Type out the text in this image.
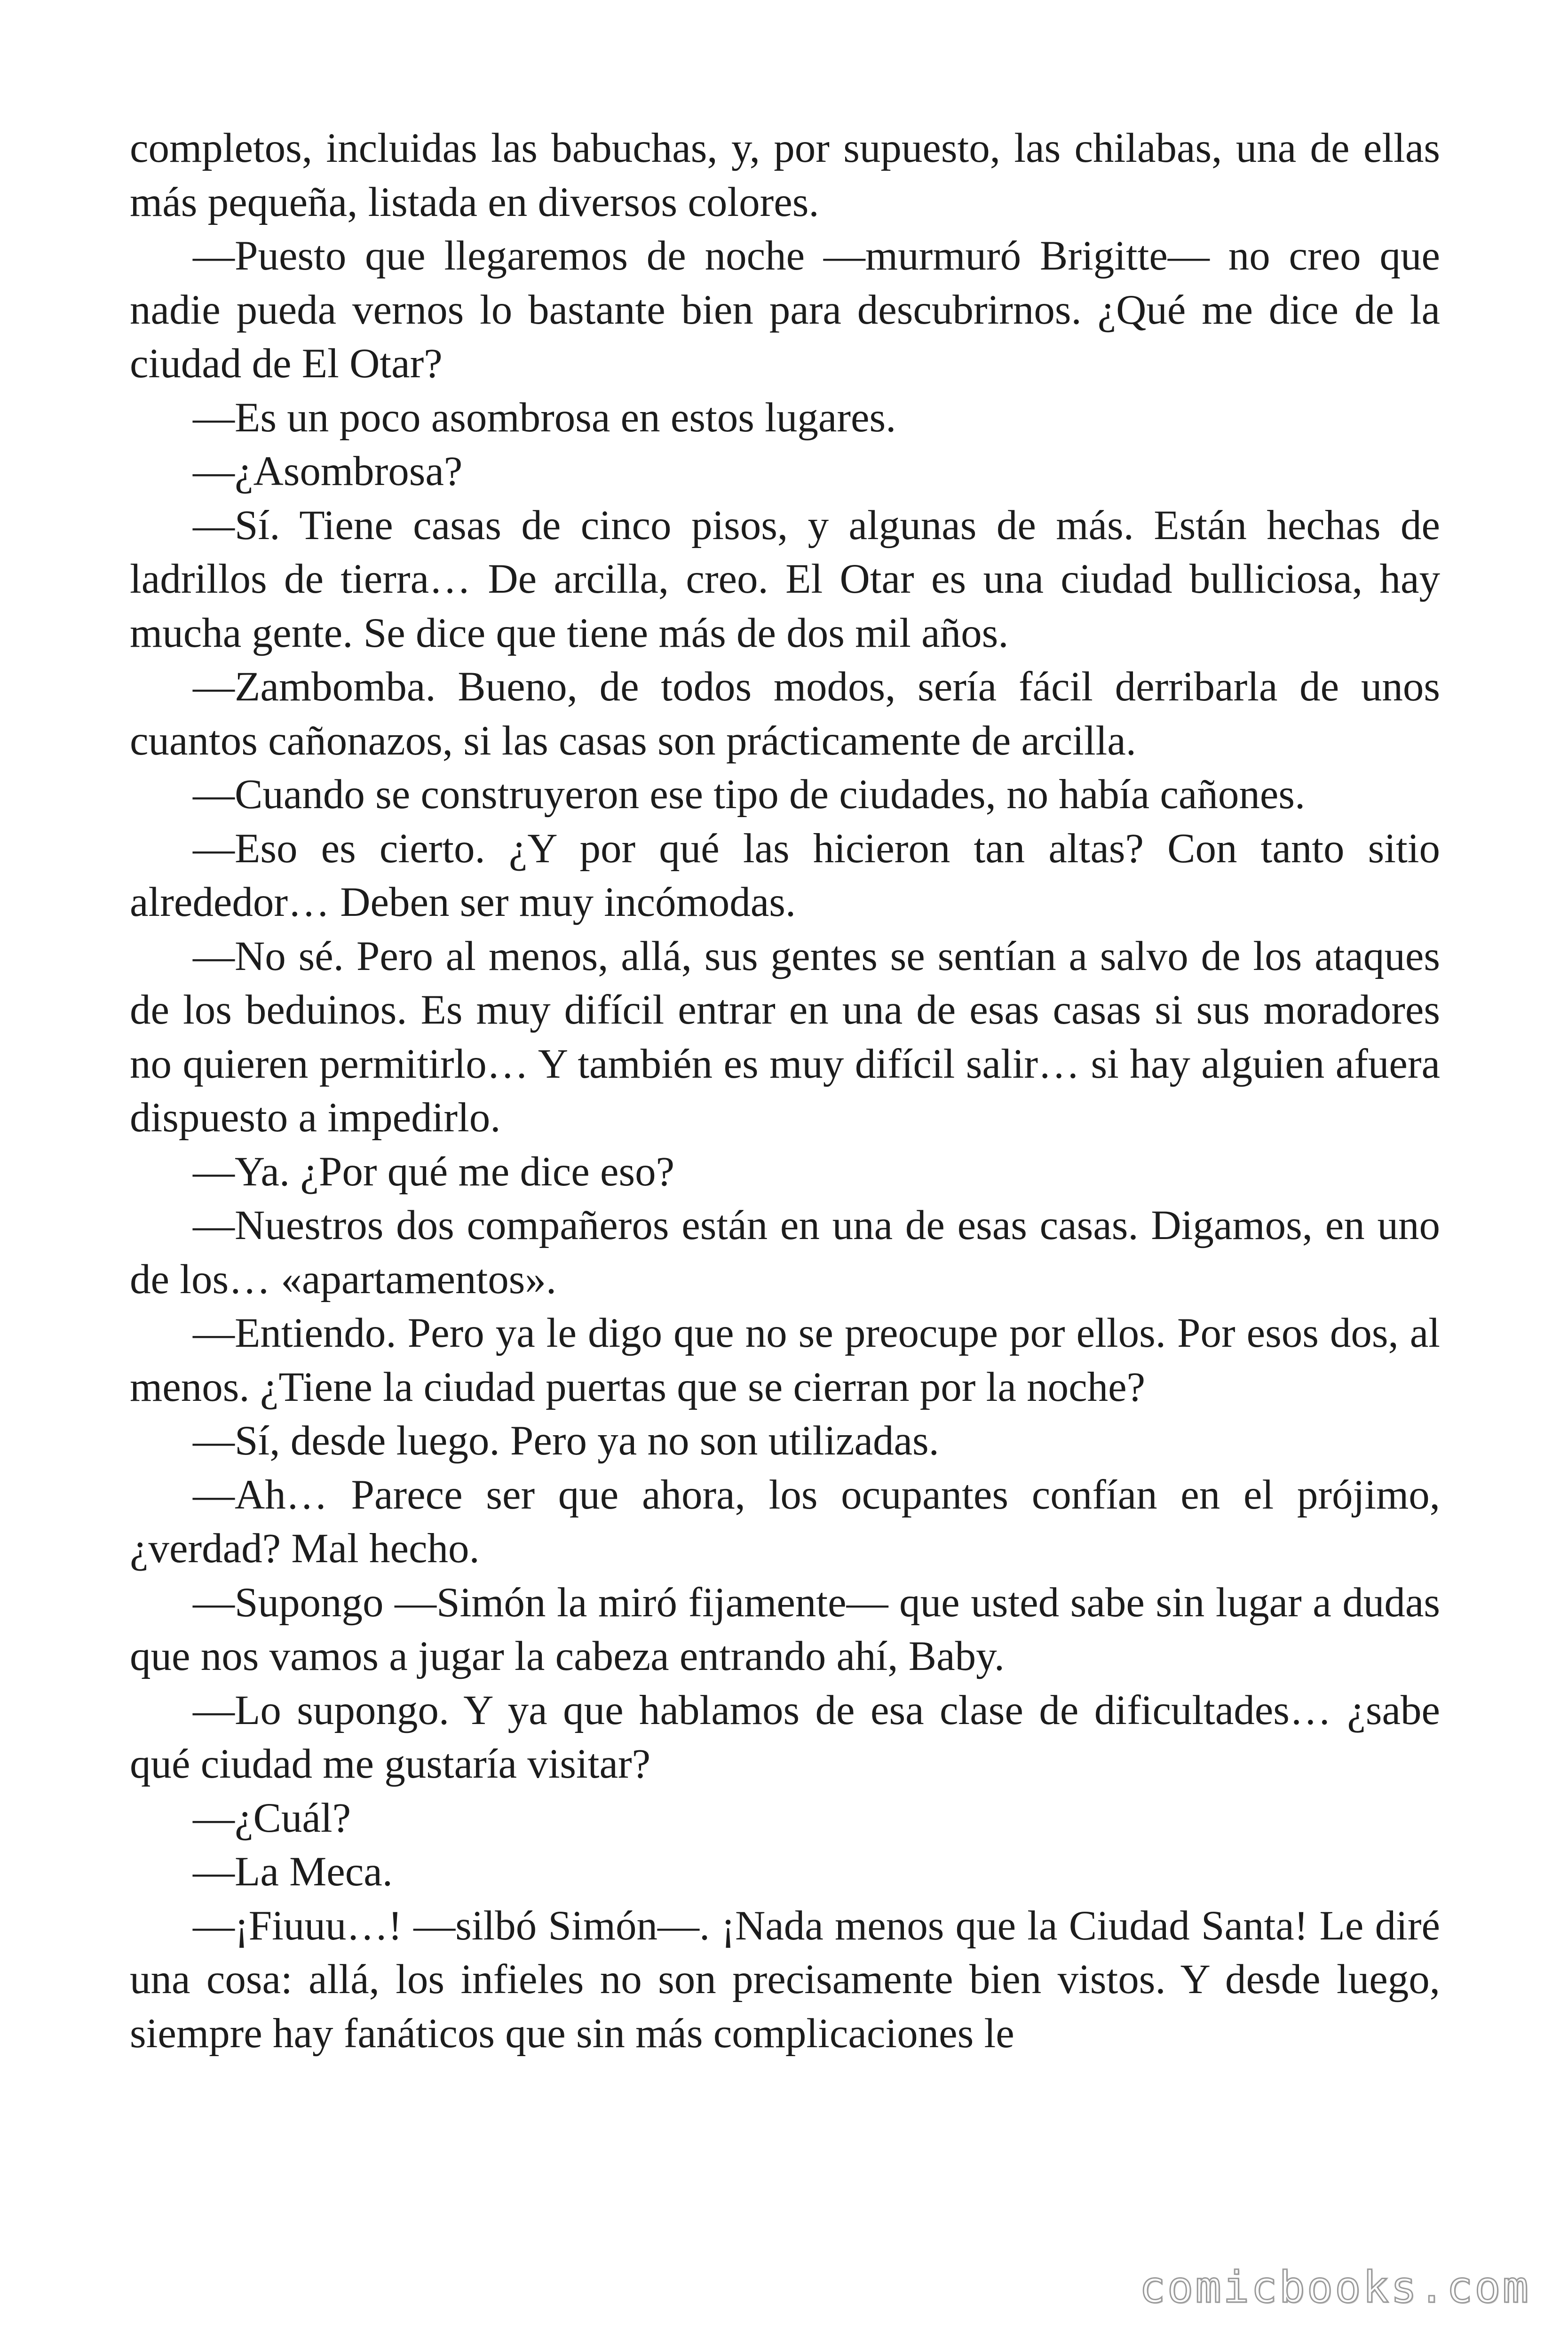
completos, incluidas las babuchas, y, por supuesto, las chilabas, una de ellas más pequeña, listada en diversos colores.

—Puesto que llegaremos de noche —murmuró Brigitte— no creo que nadie pueda vernos lo bastante bien para descubrirnos. ¿Qué me dice de la ciudad de El Otar?

—Es un poco asombrosa en estos lugares.

—¿Asombrosa?

—Sí. Tiene casas de cinco pisos, y algunas de más. Están hechas de ladrillos de tierra… De arcilla, creo. El Otar es una ciudad bulliciosa, hay mucha gente. Se dice que tiene más de dos mil años.

—Zambomba. Bueno, de todos modos, sería fácil derribarla de unos cuantos cañonazos, si las casas son prácticamente de arcilla.

—Cuando se construyeron ese tipo de ciudades, no había cañones.

—Eso es cierto. ¿Y por qué las hicieron tan altas? Con tanto sitio alrededor… Deben ser muy incómodas.

—No sé. Pero al menos, allá, sus gentes se sentían a salvo de los ataques de los beduinos. Es muy difícil entrar en una de esas casas si sus moradores no quieren permitirlo… Y también es muy difícil salir… si hay alguien afuera dispuesto a impedirlo.

—Ya. ¿Por qué me dice eso?

—Nuestros dos compañeros están en una de esas casas. Digamos, en uno de los… «apartamentos».

—Entiendo. Pero ya le digo que no se preocupe por ellos. Por esos dos, al menos. ¿Tiene la ciudad puertas que se cierran por la noche?

—Sí, desde luego. Pero ya no son utilizadas.

—Ah… Parece ser que ahora, los ocupantes confían en el prójimo, ¿verdad? Mal hecho.

—Supongo —Simón la miró fijamente— que usted sabe sin lugar a dudas que nos vamos a jugar la cabeza entrando ahí, Baby.

—Lo supongo. Y ya que hablamos de esa clase de dificultades… ¿sabe qué ciudad me gustaría visitar?

—¿Cuál?

—La Meca.

—¡Fiuuu…! —silbó Simón—. ¡Nada menos que la Ciudad Santa! Le diré una cosa: allá, los infieles no son precisamente bien vistos. Y desde luego, siempre hay fanáticos que sin más complicaciones le

comicbooks.com
